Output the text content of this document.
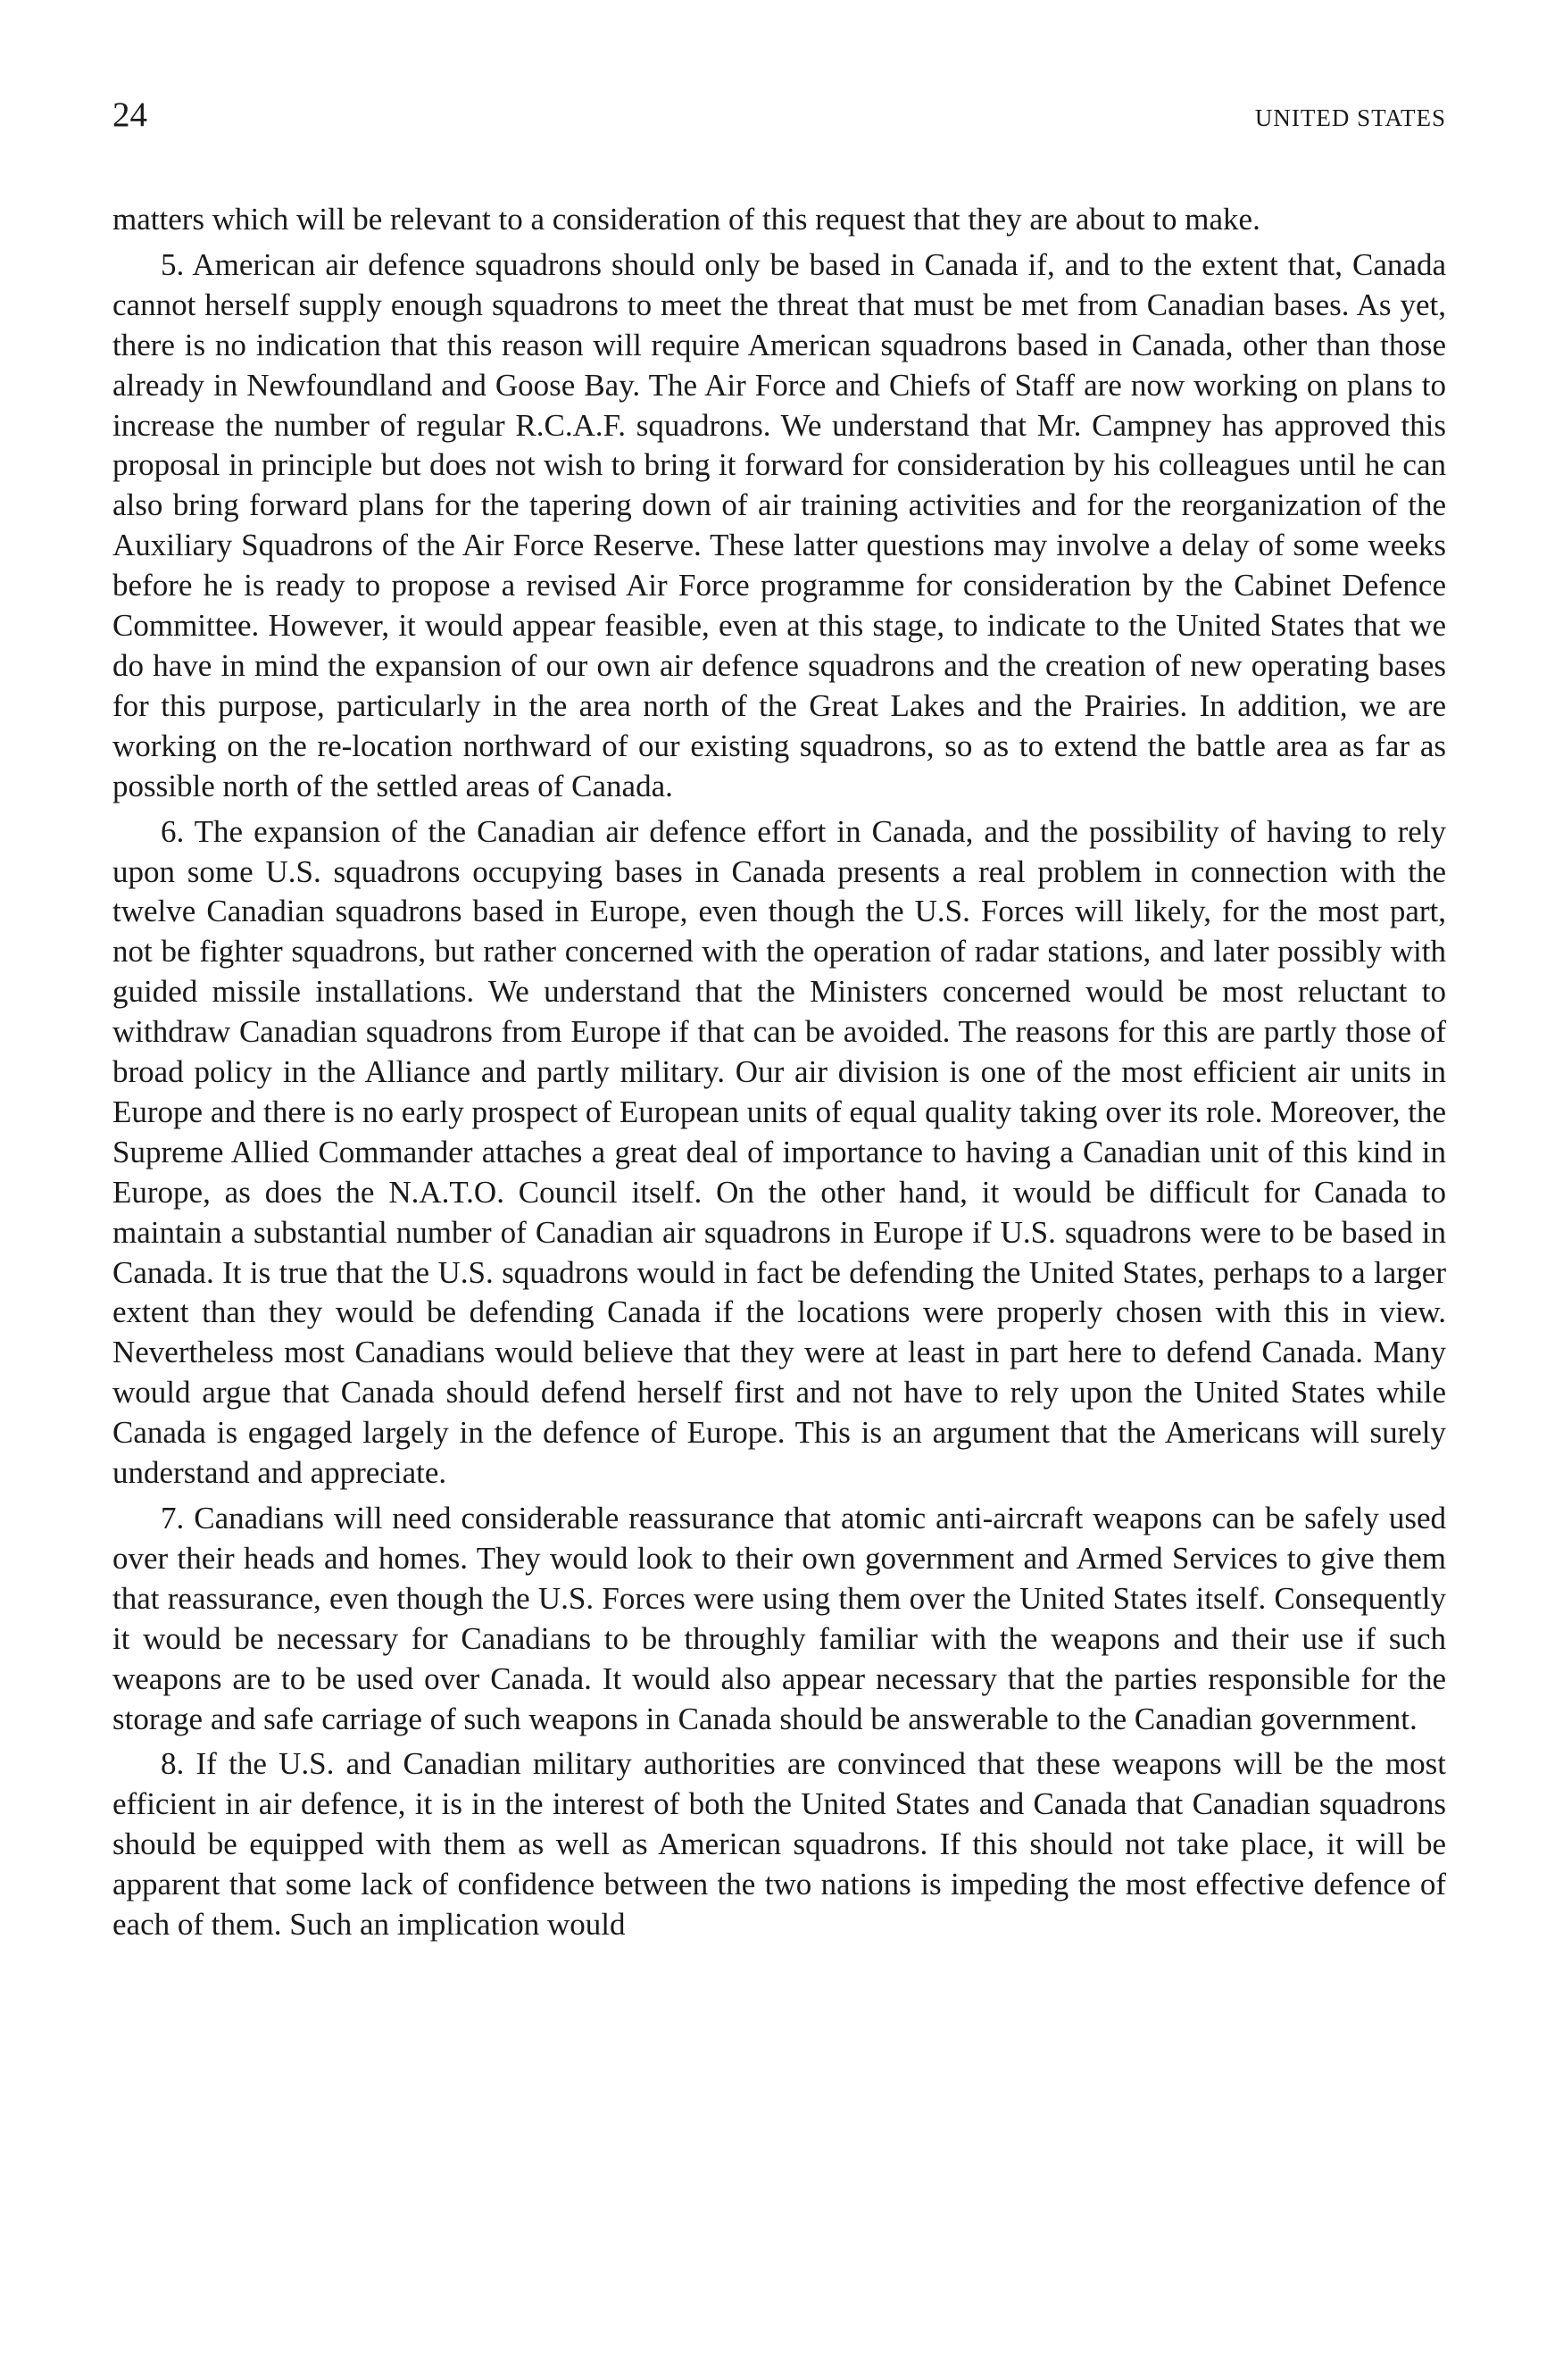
24	UNITED STATES

matters which will be relevant to a consideration of this request that they are about to make.

5. American air defence squadrons should only be based in Canada if, and to the extent that, Canada cannot herself supply enough squadrons to meet the threat that must be met from Canadian bases. As yet, there is no indication that this reason will require American squadrons based in Canada, other than those already in Newfoundland and Goose Bay. The Air Force and Chiefs of Staff are now working on plans to increase the number of regular R.C.A.F. squadrons. We understand that Mr. Campney has approved this proposal in principle but does not wish to bring it forward for consideration by his colleagues until he can also bring forward plans for the tapering down of air training activities and for the reorganization of the Auxiliary Squadrons of the Air Force Reserve. These latter questions may involve a delay of some weeks before he is ready to propose a revised Air Force programme for consideration by the Cabinet Defence Committee. However, it would appear feasible, even at this stage, to indicate to the United States that we do have in mind the expansion of our own air defence squadrons and the creation of new operating bases for this purpose, particularly in the area north of the Great Lakes and the Prairies. In addition, we are working on the re-location northward of our existing squadrons, so as to extend the battle area as far as possible north of the settled areas of Canada.

6. The expansion of the Canadian air defence effort in Canada, and the possibility of having to rely upon some U.S. squadrons occupying bases in Canada presents a real problem in connection with the twelve Canadian squadrons based in Europe, even though the U.S. Forces will likely, for the most part, not be fighter squadrons, but rather concerned with the operation of radar stations, and later possibly with guided missile installations. We understand that the Ministers concerned would be most reluctant to withdraw Canadian squadrons from Europe if that can be avoided. The reasons for this are partly those of broad policy in the Alliance and partly military. Our air division is one of the most efficient air units in Europe and there is no early prospect of European units of equal quality taking over its role. Moreover, the Supreme Allied Commander attaches a great deal of importance to having a Canadian unit of this kind in Europe, as does the N.A.T.O. Council itself. On the other hand, it would be difficult for Canada to maintain a substantial number of Canadian air squadrons in Europe if U.S. squadrons were to be based in Canada. It is true that the U.S. squadrons would in fact be defending the United States, perhaps to a larger extent than they would be defending Canada if the locations were properly chosen with this in view. Nevertheless most Canadians would believe that they were at least in part here to defend Canada. Many would argue that Canada should defend herself first and not have to rely upon the United States while Canada is engaged largely in the defence of Europe. This is an argument that the Americans will surely understand and appreciate.

7. Canadians will need considerable reassurance that atomic anti-aircraft weapons can be safely used over their heads and homes. They would look to their own government and Armed Services to give them that reassurance, even though the U.S. Forces were using them over the United States itself. Consequently it would be necessary for Canadians to be throughly familiar with the weapons and their use if such weapons are to be used over Canada. It would also appear necessary that the parties responsible for the storage and safe carriage of such weapons in Canada should be answerable to the Canadian government.

8. If the U.S. and Canadian military authorities are convinced that these weapons will be the most efficient in air defence, it is in the interest of both the United States and Canada that Canadian squadrons should be equipped with them as well as American squadrons. If this should not take place, it will be apparent that some lack of confidence between the two nations is impeding the most effective defence of each of them. Such an implication would
